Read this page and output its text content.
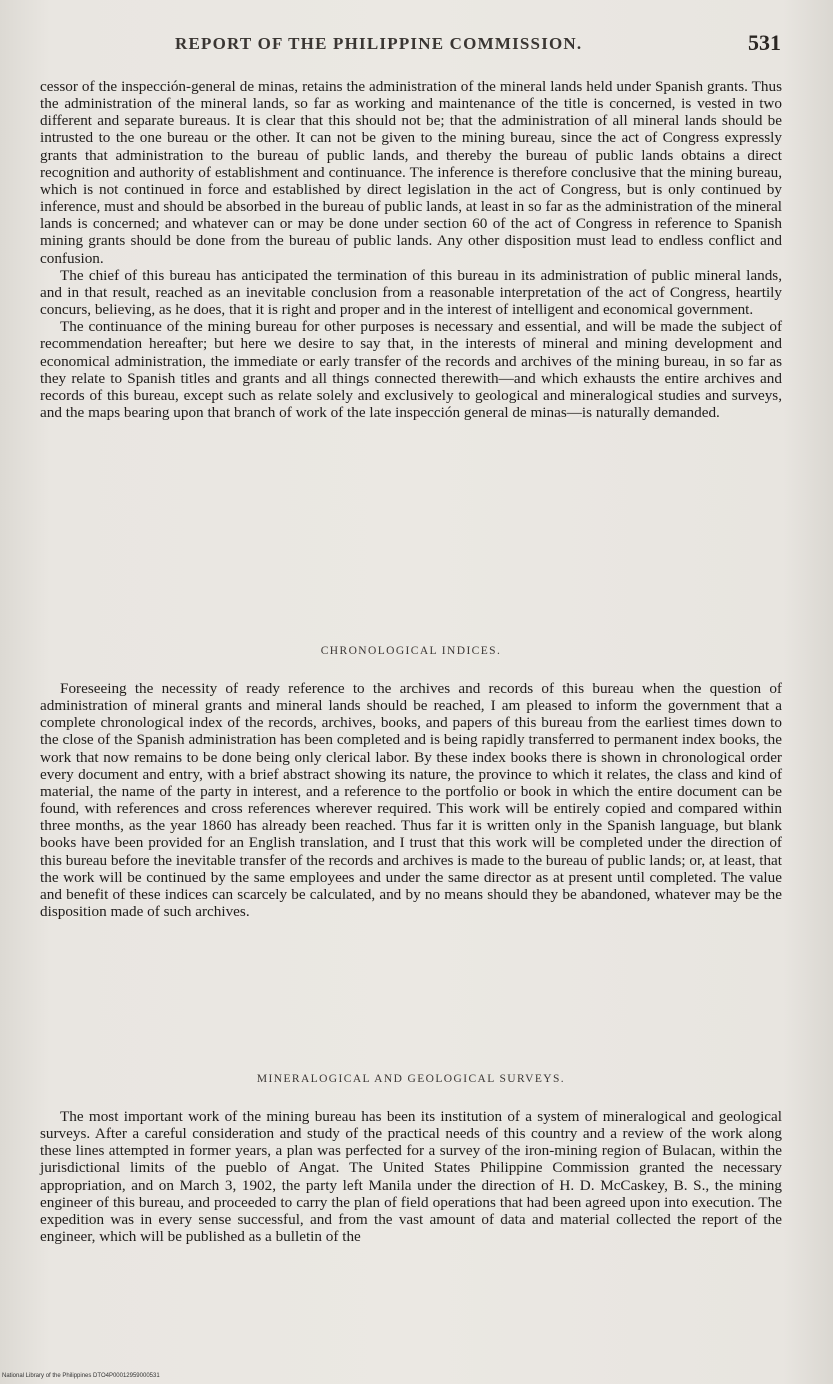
REPORT OF THE PHILIPPINE COMMISSION.	531

cessor of the inspección-general de minas, retains the administration of the mineral lands held under Spanish grants. Thus the administration of the mineral lands, so far as working and maintenance of the title is concerned, is vested in two different and separate bureaus. It is clear that this should not be; that the administration of all mineral lands should be intrusted to the one bureau or the other. It can not be given to the mining bureau, since the act of Congress expressly grants that administration to the bureau of public lands, and thereby the bureau of public lands obtains a direct recognition and authority of establishment and continuance. The inference is therefore conclusive that the mining bureau, which is not continued in force and established by direct legislation in the act of Congress, but is only continued by inference, must and should be absorbed in the bureau of public lands, at least in so far as the administration of the mineral lands is concerned; and whatever can or may be done under section 60 of the act of Congress in reference to Spanish mining grants should be done from the bureau of public lands. Any other disposition must lead to endless conflict and confusion.

The chief of this bureau has anticipated the termination of this bureau in its administration of public mineral lands, and in that result, reached as an inevitable conclusion from a reasonable interpretation of the act of Congress, heartily concurs, believing, as he does, that it is right and proper and in the interest of intelligent and economical government.

The continuance of the mining bureau for other purposes is necessary and essential, and will be made the subject of recommendation hereafter; but here we desire to say that, in the interests of mineral and mining development and economical administration, the immediate or early transfer of the records and archives of the mining bureau, in so far as they relate to Spanish titles and grants and all things connected therewith—and which exhausts the entire archives and records of this bureau, except such as relate solely and exclusively to geological and mineralogical studies and surveys, and the maps bearing upon that branch of work of the late inspección general de minas—is naturally demanded.

CHRONOLOGICAL INDICES.

Foreseeing the necessity of ready reference to the archives and records of this bureau when the question of administration of mineral grants and mineral lands should be reached, I am pleased to inform the government that a complete chronological index of the records, archives, books, and papers of this bureau from the earliest times down to the close of the Spanish administration has been completed and is being rapidly transferred to permanent index books, the work that now remains to be done being only clerical labor. By these index books there is shown in chronological order every document and entry, with a brief abstract showing its nature, the province to which it relates, the class and kind of material, the name of the party in interest, and a reference to the portfolio or book in which the entire document can be found, with references and cross references wherever required. This work will be entirely copied and compared within three months, as the year 1860 has already been reached. Thus far it is written only in the Spanish language, but blank books have been provided for an English translation, and I trust that this work will be completed under the direction of this bureau before the inevitable transfer of the records and archives is made to the bureau of public lands; or, at least, that the work will be continued by the same employees and under the same director as at present until completed. The value and benefit of these indices can scarcely be calculated, and by no means should they be abandoned, whatever may be the disposition made of such archives.

MINERALOGICAL AND GEOLOGICAL SURVEYS.

The most important work of the mining bureau has been its institution of a system of mineralogical and geological surveys. After a careful consideration and study of the practical needs of this country and a review of the work along these lines attempted in former years, a plan was perfected for a survey of the iron-mining region of Bulacan, within the jurisdictional limits of the pueblo of Angat. The United States Philippine Commission granted the necessary appropriation, and on March 3, 1902, the party left Manila under the direction of H. D. McCaskey, B. S., the mining engineer of this bureau, and proceeded to carry the plan of field operations that had been agreed upon into execution. The expedition was in every sense successful, and from the vast amount of data and material collected the report of the engineer, which will be published as a bulletin of the

National Library of the Philippines DTO4P00012959000531
